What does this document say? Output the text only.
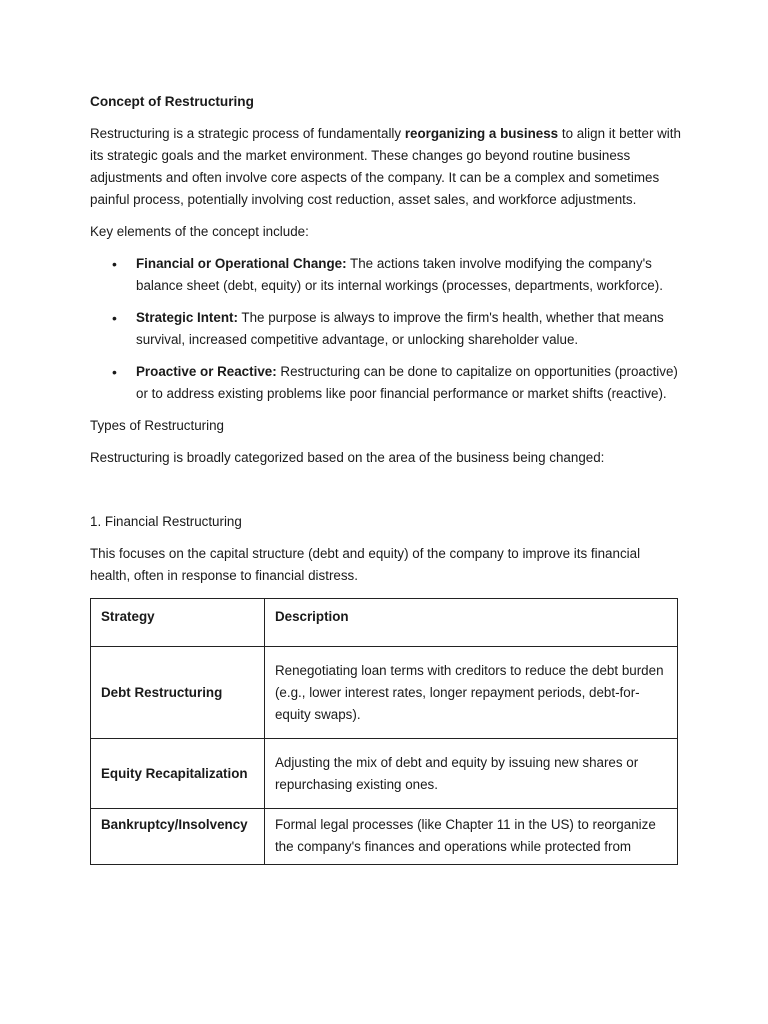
Concept of Restructuring

Restructuring is a strategic process of fundamentally reorganizing a business to align it better with its strategic goals and the market environment. These changes go beyond routine business adjustments and often involve core aspects of the company. It can be a complex and sometimes painful process, potentially involving cost reduction, asset sales, and workforce adjustments.

Key elements of the concept include:

• Financial or Operational Change: The actions taken involve modifying the company's balance sheet (debt, equity) or its internal workings (processes, departments, workforce).
• Strategic Intent: The purpose is always to improve the firm's health, whether that means survival, increased competitive advantage, or unlocking shareholder value.
• Proactive or Reactive: Restructuring can be done to capitalize on opportunities (proactive) or to address existing problems like poor financial performance or market shifts (reactive).

Types of Restructuring

Restructuring is broadly categorized based on the area of the business being changed:

1. Financial Restructuring

This focuses on the capital structure (debt and equity) of the company to improve its financial health, often in response to financial distress.

Strategy	Description

Debt Restructuring	Renegotiating loan terms with creditors to reduce the debt burden (e.g., lower interest rates, longer repayment periods, debt-for-equity swaps).
Equity Recapitalization	Adjusting the mix of debt and equity by issuing new shares or repurchasing existing ones.

Bankruptcy/Insolvency	Formal legal processes (like Chapter 11 in the US) to reorganize the company's finances and operations while protected from
